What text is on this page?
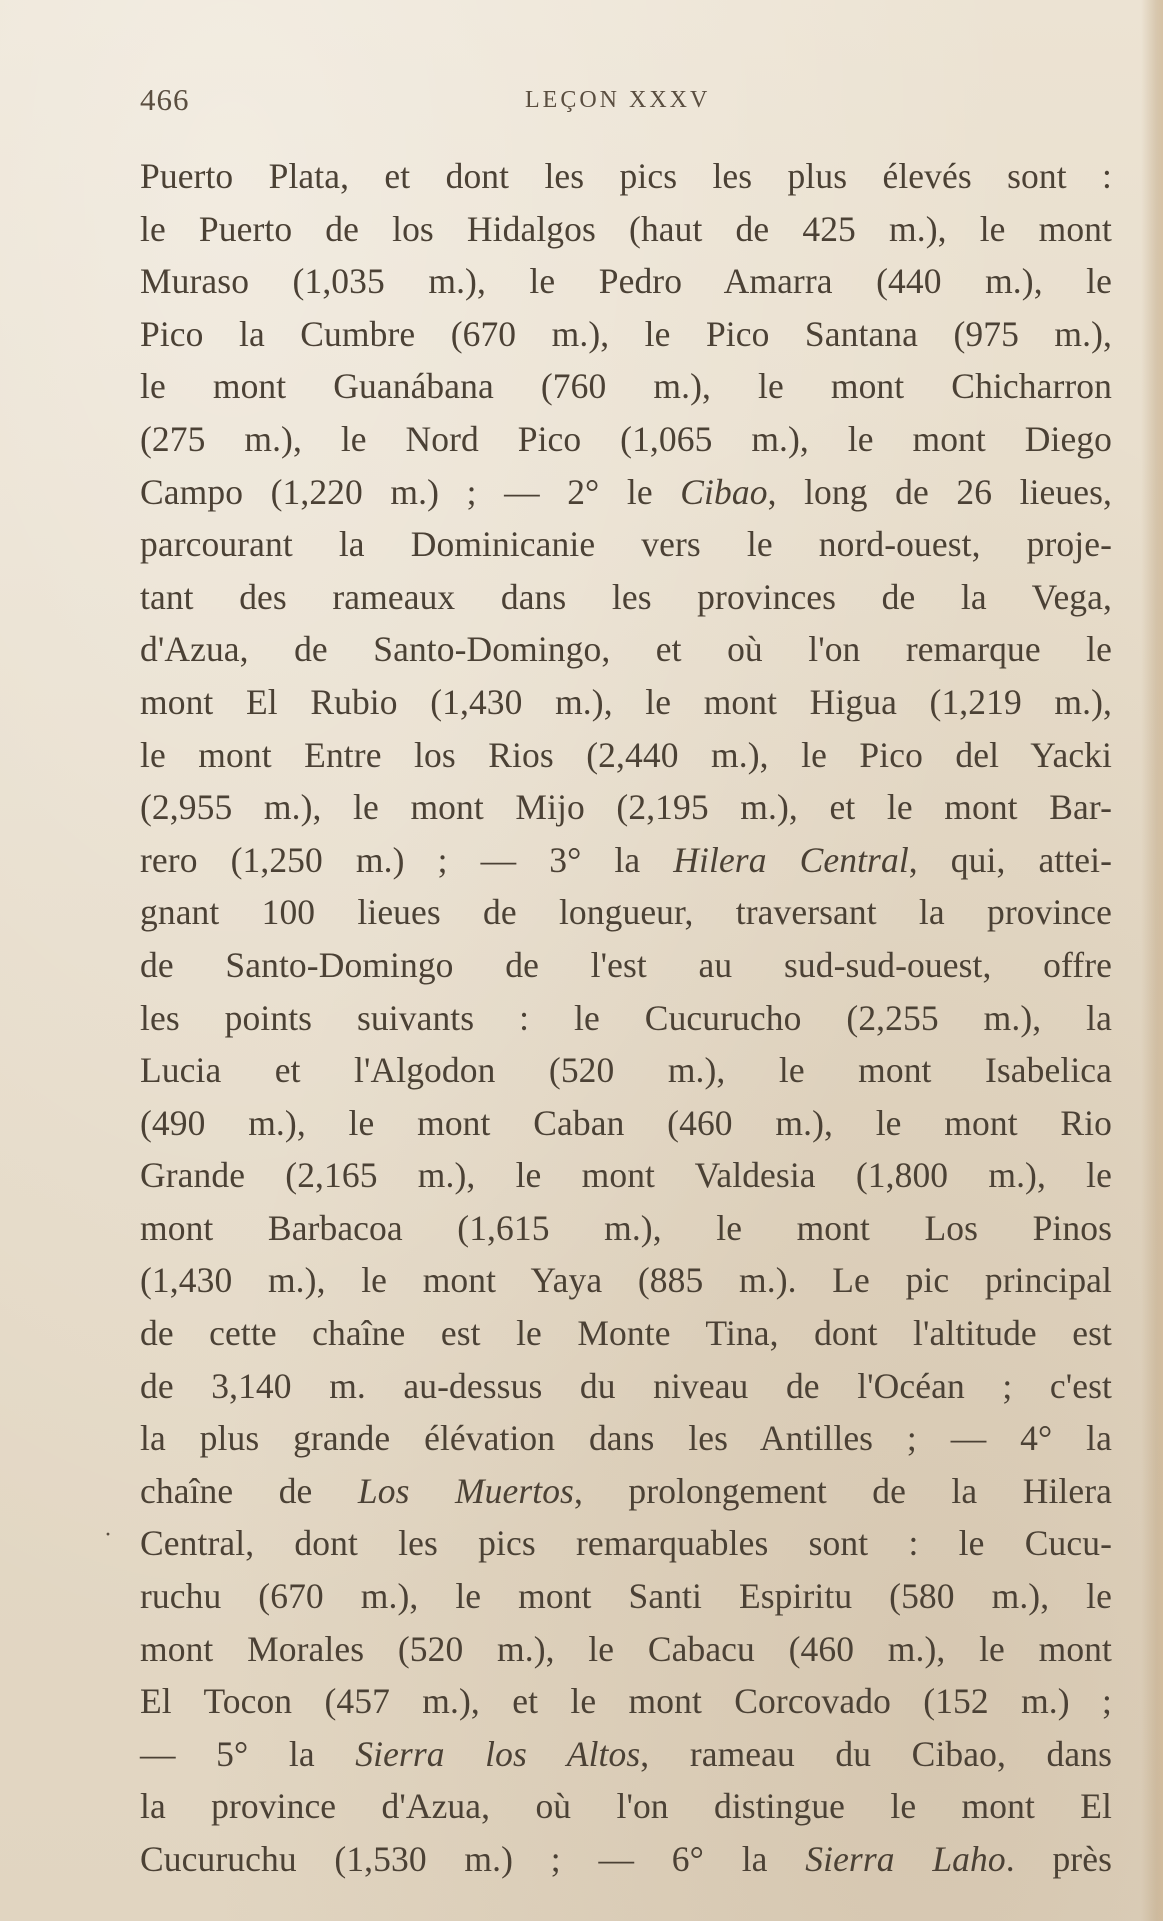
466	LEÇON XXXV
·
Puerto Plata, et dont les pics les plus élevés sont :
le Puerto de los Hidalgos (haut de 425 m.), le mont
Muraso (1,035 m.), le Pedro Amarra (440 m.), le
Pico la Cumbre (670 m.), le Pico Santana (975 m.),
le mont Guanábana (760 m.), le mont Chicharron
(275 m.), le Nord Pico (1,065 m.), le mont Diego
Campo (1,220 m.) ; — 2° le Cibao, long de 26 lieues,
parcourant la Dominicanie vers le nord-ouest, proje-
tant des rameaux dans les provinces de la Vega,
d'Azua, de Santo-Domingo, et où l'on remarque le
mont El Rubio (1,430 m.), le mont Higua (1,219 m.),
le mont Entre los Rios (2,440 m.), le Pico del Yacki
(2,955 m.), le mont Mijo (2,195 m.), et le mont Bar-
rero (1,250 m.) ; — 3° la Hilera Central, qui, attei-
gnant 100 lieues de longueur, traversant la province
de Santo-Domingo de l'est au sud-sud-ouest, offre
les points suivants : le Cucurucho (2,255 m.), la
Lucia et l'Algodon (520 m.), le mont Isabelica
(490 m.), le mont Caban (460 m.), le mont Rio
Grande (2,165 m.), le mont Valdesia (1,800 m.), le
mont Barbacoa (1,615 m.), le mont Los Pinos
(1,430 m.), le mont Yaya (885 m.). Le pic principal
de cette chaîne est le Monte Tina, dont l'altitude est
de 3,140 m. au-dessus du niveau de l'Océan ; c'est
la plus grande élévation dans les Antilles ; — 4° la
chaîne de Los Muertos, prolongement de la Hilera
Central, dont les pics remarquables sont : le Cucu-
ruchu (670 m.), le mont Santi Espiritu (580 m.), le
mont Morales (520 m.), le Cabacu (460 m.), le mont
El Tocon (457 m.), et le mont Corcovado (152 m.) ;
— 5° la Sierra los Altos, rameau du Cibao, dans
la province d'Azua, où l'on distingue le mont El
Cucuruchu (1,530 m.) ; — 6° la Sierra Laho. près
